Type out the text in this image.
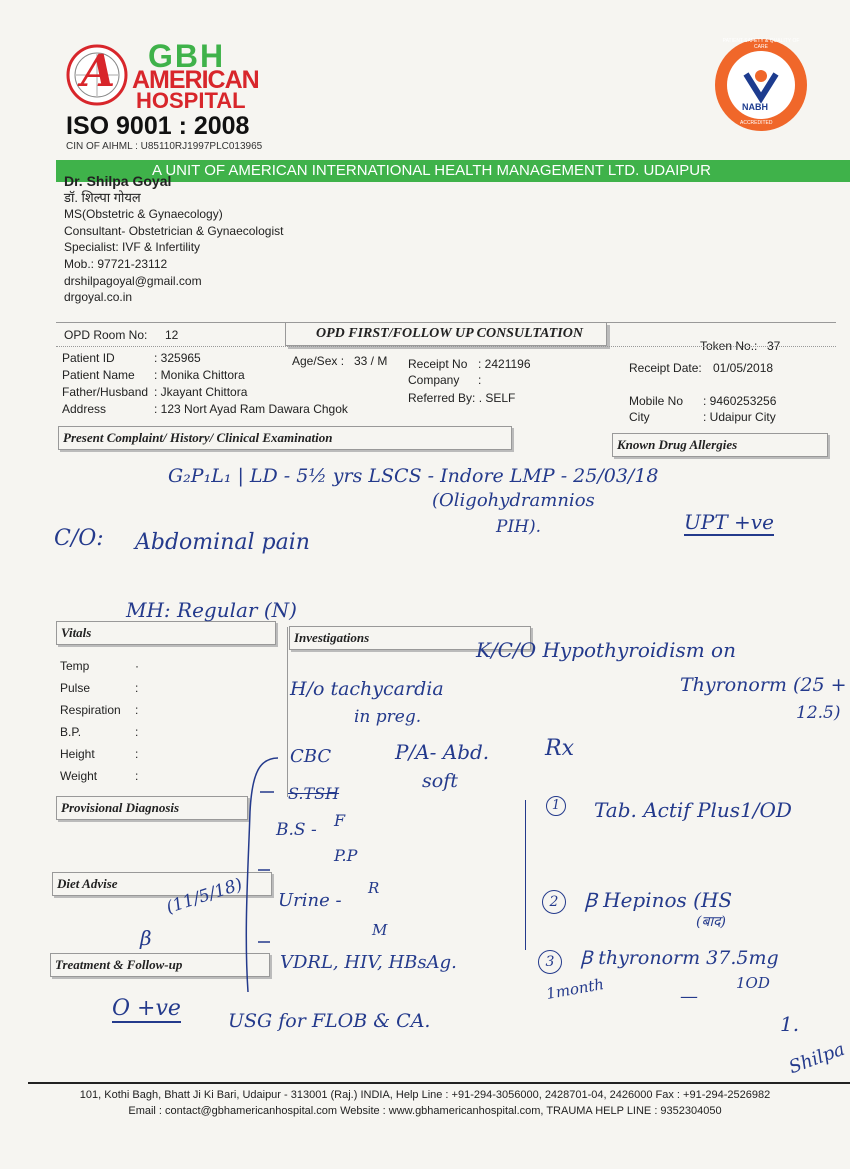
A GBH
AMERICAN
HOSPITAL
ISO 9001 : 2008
CIN OF AIHML : U85110RJ1997PLC013965
NABH
PATIENT SAFETY & QUALITY OF CARE
ACCREDITED
A UNIT OF AMERICAN INTERNATIONAL HEALTH MANAGEMENT LTD. UDAIPUR
Dr. Shilpa Goyal
डॉ. शिल्पा गोयल
MS(Obstetric & Gynaecology)
Consultant- Obstetrician & Gynaecologist
Specialist: IVF & Infertility
Mob.: 97721-23112
drshilpagoyal@gmail.com
drgoyal.co.in
OPD Room No: 12	OPD FIRST/FOLLOW UP CONSULTATION
Token No.: 37
Patient ID	: 325965
Patient Name : Monika Chittora
Father/Husband : Jkayant Chittora
Address	: 123 Nort Ayad Ram Dawara Chgok
Age/Sex : 33 / M Receipt No : 2421196
Company :
Referred By: . SELF
Receipt Date: 01/05/2018
Mobile No : 9460253256
City	: Udaipur City
Present Complaint/ History/ Clinical Examination	Known Drug Allergies
Vitals	Investigations
Provisional Diagnosis
Diet Advise
Treatment & Follow-up
Temp	·
Pulse	:
Respiration :
B.P.	:
Height	:
Weight	:
G₂P₁L₁ | LD - 5½ yrs LSCS - Indore LMP - 25/03/18
(Oligohydramnios
PIH).	UPT +ve
C/O: Abdominal pain
MH: Regular (N)
K/C/O Hypothyroidism on
Thyronorm (25 +
12.5)
H/o tachycardia
in preg.
P/A- Abd.
soft
Rx
CBC
S.TSH
B.S - F
P.P
Urine -
R
M
VDRL, HIV, HBsAg.
1 Tab. Actif Plus1/OD
2	Ꞵ Hepinos (HS
(बाद)
3	Ꞵ thyronorm 37.5mg
1OD
1month	—
1.
β
(11/5/18)
O +ve USG for FLOB & CA.
Shilpa
101, Kothi Bagh, Bhatt Ji Ki Bari, Udaipur - 313001 (Raj.) INDIA, Help Line : +91-294-3056000, 2428701-04, 2426000 Fax : +91-294-2526982
Email : contact@gbhamericanhospital.com Website : www.gbhamericanhospital.com, TRAUMA HELP LINE : 9352304050
